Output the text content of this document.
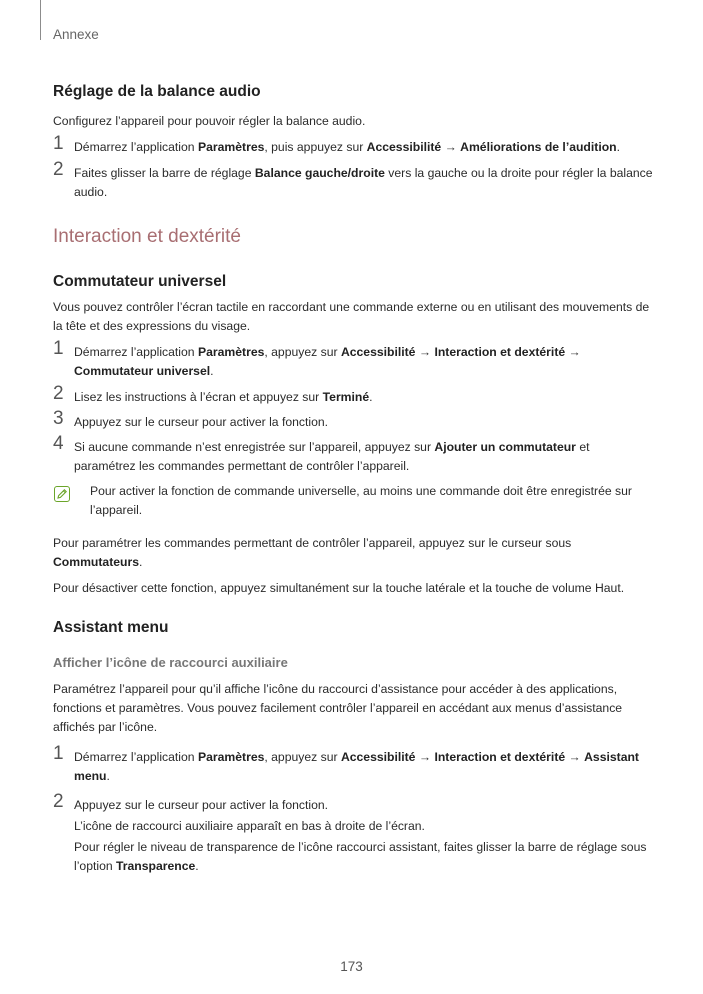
Annexe
Réglage de la balance audio

Configurez l’appareil pour pouvoir régler la balance audio.

1 Démarrez l’application Paramètres, puis appuyez sur Accessibilité → Améliorations de l’audition.
2 Faites glisser la barre de réglage Balance gauche/droite vers la gauche ou la droite pour régler la balance audio.
Interaction et dextérité
Commutateur universel

Vous pouvez contrôler l’écran tactile en raccordant une commande externe ou en utilisant des mouvements de la tête et des expressions du visage.

1 Démarrez l’application Paramètres, appuyez sur Accessibilité → Interaction et dextérité → Commutateur universel.
2 Lisez les instructions à l’écran et appuyez sur Terminé.
3 Appuyez sur le curseur pour activer la fonction.
4 Si aucune commande n’est enregistrée sur l’appareil, appuyez sur Ajouter un commutateur et paramétrez les commandes permettant de contrôler l’appareil.
Pour activer la fonction de commande universelle, au moins une commande doit être enregistrée sur l’appareil.

Pour paramétrer les commandes permettant de contrôler l’appareil, appuyez sur le curseur sous Commutateurs.

Pour désactiver cette fonction, appuyez simultanément sur la touche latérale et la touche de volume Haut.

Assistant menu
Afficher l’icône de raccourci auxiliaire

Paramétrez l’appareil pour qu’il affiche l’icône du raccourci d’assistance pour accéder à des applications, fonctions et paramètres. Vous pouvez facilement contrôler l’appareil en accédant aux menus d’assistance affichés par l’icône.

1 Démarrez l’application Paramètres, appuyez sur Accessibilité → Interaction et dextérité → Assistant menu.
2 Appuyez sur le curseur pour activer la fonction.
L’icône de raccourci auxiliaire apparaît en bas à droite de l’écran.
Pour régler le niveau de transparence de l’icône raccourci assistant, faites glisser la barre de réglage sous l’option Transparence.
173
